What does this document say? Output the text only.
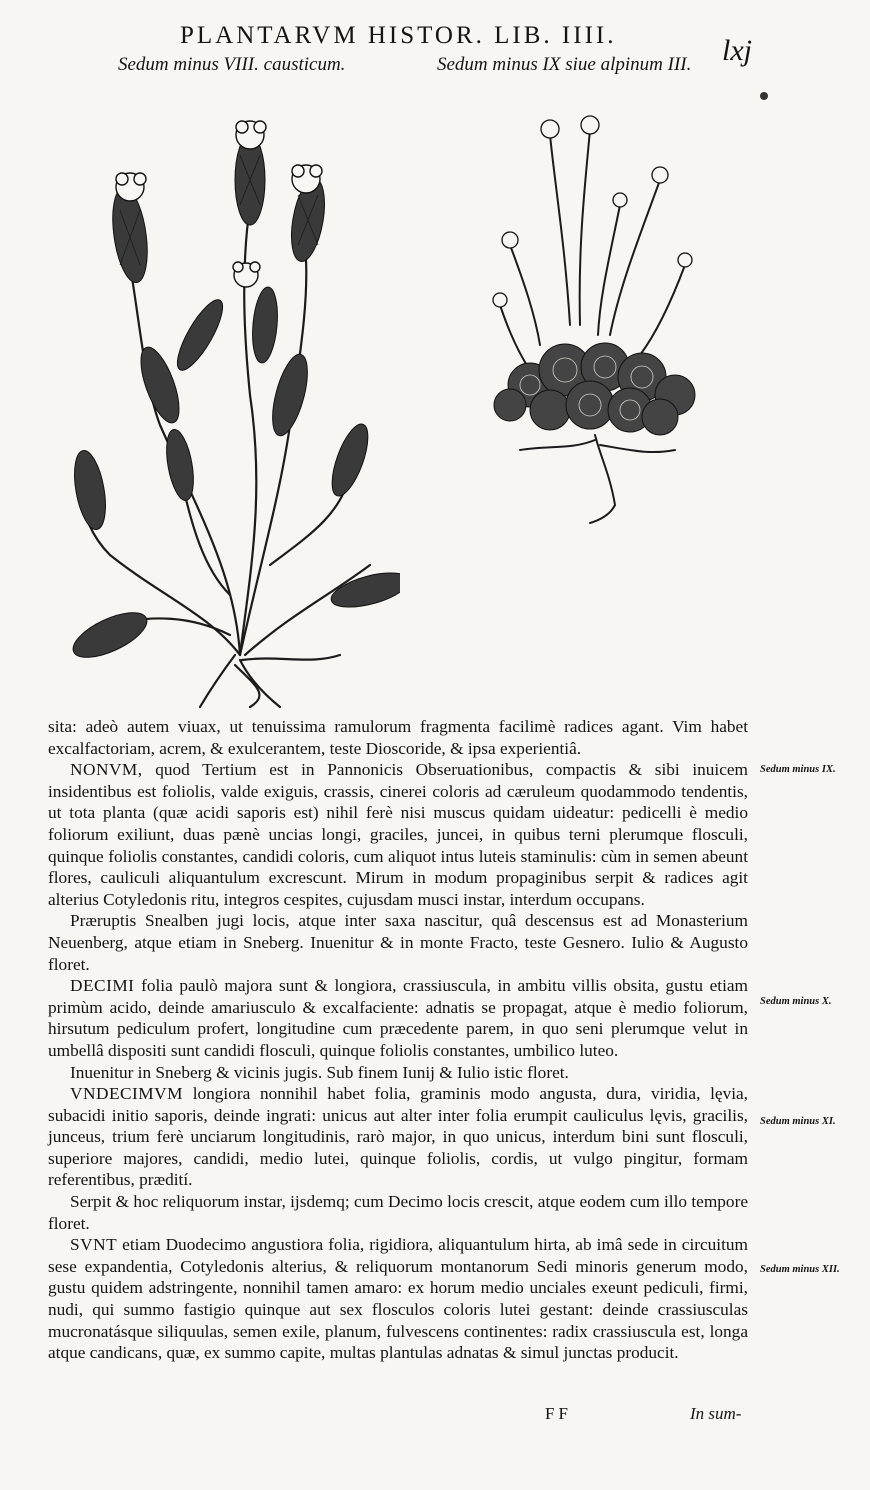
PLANTARVM HISTOR. LIB. IIII.	lxj
Sedum minus VIII. causticum.	Sedum minus IX siue alpinum III.

sita: adeò autem viuax, ut tenuissima ramulorum fragmenta facilimè radices agant. Vim habet excalfactoriam, acrem, & exulcerantem, teste Dioscoride, & ipsa experientiâ.

NONVM, quod Tertium est in Pannonicis Obseruationibus, compactis & sibi inuicem insidentibus est foliolis, valde exiguis, crassis, cinerei coloris ad cæruleum quodammodo tendentis, ut tota planta (quæ acidi saporis est) nihil ferè nisi muscus quidam uideatur: pedicelli è medio foliorum exiliunt, duas pænè uncias longi, graciles, juncei, in quibus terni plerumque flosculi, quinque foliolis constantes, candidi coloris, cum aliquot intus luteis staminulis: cùm in semen abeunt flores, cauliculi aliquantulum excrescunt. Mirum in modum propaginibus serpit & radices agit alterius Cotyledonis ritu, integros cespites, cujusdam musci instar, interdum occupans.

Præruptis Snealben jugi locis, atque inter saxa nascitur, quâ descensus est ad Monasterium Neuenberg, atque etiam in Sneberg. Inuenitur & in monte Fracto, teste Gesnero. Iulio & Augusto floret.

DECIMI folia paulò majora sunt & longiora, crassiuscula, in ambitu villis obsita, gustu etiam primùm acido, deinde amariusculo & excalfaciente: adnatis se propagat, atque è medio foliorum, hirsutum pediculum profert, longitudine cum præcedente parem, in quo seni plerumque velut in umbellâ dispositi sunt candidi flosculi, quinque foliolis constantes, umbilico luteo.

Inuenitur in Sneberg & vicinis jugis. Sub finem Iunij & Iulio istic floret.

VNDECIMVM longiora nonnihil habet folia, graminis modo angusta, dura, viridia, lęvia, subacidi initio saporis, deinde ingrati: unicus aut alter inter folia erumpit cauliculus lęvis, gracilis, junceus, trium ferè unciarum longitudinis, rarò major, in quo unicus, interdum bini sunt flosculi, superiore majores, candidi, medio lutei, quinque foliolis, cordis, ut vulgo pingitur, formam referentibus, prædití.

Serpit & hoc reliquorum instar, ijsdemq; cum Decimo locis crescit, atque eodem cum illo tempore floret.

SVNT etiam Duodecimo angustiora folia, rigidiora, aliquantulum hirta, ab imâ sede in circuitum sese expandentia, Cotyledonis alterius, & reliquorum montanorum Sedi minoris generum modo, gustu quidem adstringente, nonnihil tamen amaro: ex horum medio unciales exeunt pediculi, firmi, nudi, qui summo fastigio quinque aut sex flosculos coloris lutei gestant: deinde crassiusculas mucronatásque siliquulas, semen exile, planum, fulvescens continentes: radix crassiuscula est, longa atque candicans, quæ, ex summo capite, multas plantulas adnatas & simul junctas producit.

Sedum minus IX.
Sedum minus X.
Sedum minus XI.
Sedum minus XII.
FF	In sum-
